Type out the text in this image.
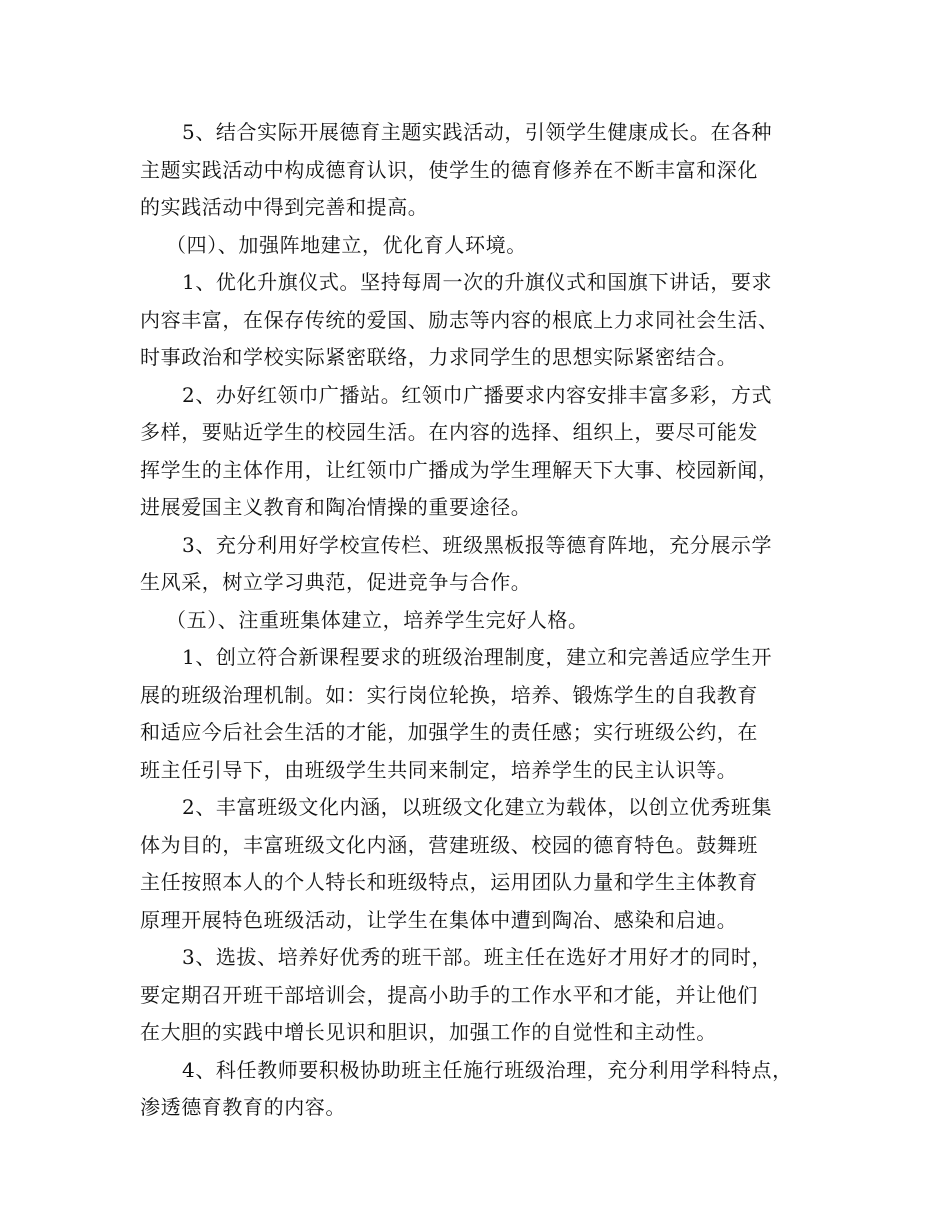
5、结合实际开展德育主题实践活动，引领学生健康成长。在各种
主题实践活动中构成德育认识，使学生的德育修养在不断丰富和深化
的实践活动中得到完善和提高。
（四）、加强阵地建立，优化育人环境。
1、优化升旗仪式。坚持每周一次的升旗仪式和国旗下讲话，要求
内容丰富，在保存传统的爱国、励志等内容的根底上力求同社会生活、
时事政治和学校实际紧密联络，力求同学生的思想实际紧密结合。
2、办好红领巾广播站。红领巾广播要求内容安排丰富多彩，方式
多样，要贴近学生的校园生活。在内容的选择、组织上，要尽可能发
挥学生的主体作用，让红领巾广播成为学生理解天下大事、校园新闻，
进展爱国主义教育和陶冶情操的重要途径。
3、充分利用好学校宣传栏、班级黑板报等德育阵地，充分展示学
生风采，树立学习典范，促进竞争与合作。
（五）、注重班集体建立，培养学生完好人格。
1、创立符合新课程要求的班级治理制度，建立和完善适应学生开
展的班级治理机制。如：实行岗位轮换，培养、锻炼学生的自我教育
和适应今后社会生活的才能，加强学生的责任感；实行班级公约，在
班主任引导下，由班级学生共同来制定，培养学生的民主认识等。
2、丰富班级文化内涵，以班级文化建立为载体，以创立优秀班集
体为目的，丰富班级文化内涵，营建班级、校园的德育特色。鼓舞班
主任按照本人的个人特长和班级特点，运用团队力量和学生主体教育
原理开展特色班级活动，让学生在集体中遭到陶冶、感染和启迪。
3、选拔、培养好优秀的班干部。班主任在选好才用好才的同时，
要定期召开班干部培训会，提高小助手的工作水平和才能，并让他们
在大胆的实践中增长见识和胆识，加强工作的自觉性和主动性。
4、科任教师要积极协助班主任施行班级治理，充分利用学科特点，
渗透德育教育的内容。
